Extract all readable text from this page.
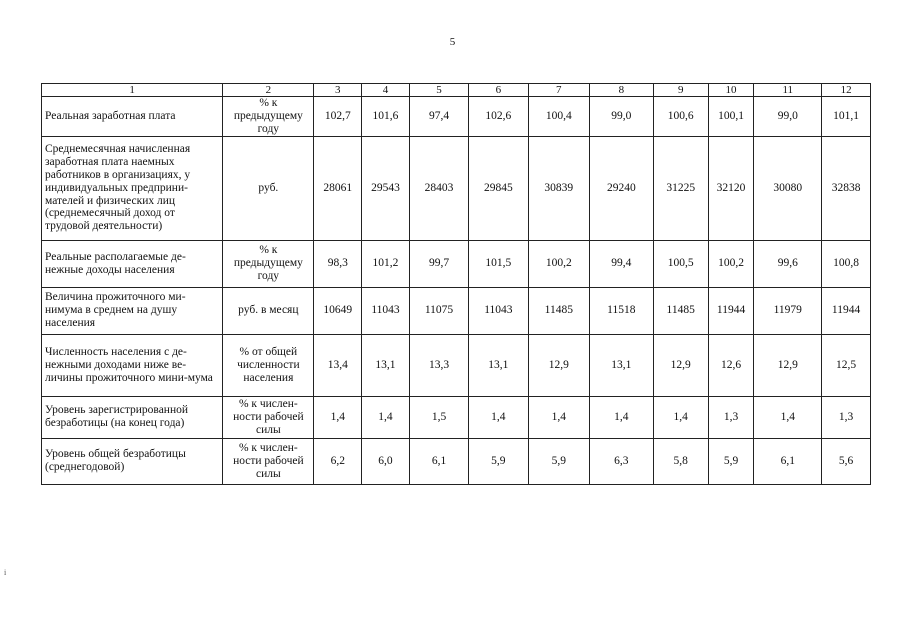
5
1	2	3	4	5	6	7	8	9	10	11	12
Реальная заработная плата	% к предыдущему году	102,7	101,6	97,4	102,6	100,4	99,0	100,6	100,1	99,0	101,1
Среднемесячная начисленная заработная плата наемных работников в организациях, у индивидуальных предприни-мателей и физических лиц (среднемесячный доход от трудовой деятельности)	руб.	28061	29543	28403	29845	30839	29240	31225	32120	30080	32838
Реальные располагаемые де-нежные доходы населения	% к предыдущему году	98,3	101,2	99,7	101,5	100,2	99,4	100,5	100,2	99,6	100,8
Величина прожиточного ми-нимума в среднем на душу населения	руб. в месяц	10649	11043	11075	11043	11485	11518	11485	11944	11979	11944
Численность населения с де-нежными доходами ниже ве-личины прожиточного мини-мума	% от общей численности населения	13,4	13,1	13,3	13,1	12,9	13,1	12,9	12,6	12,9	12,5
Уровень зарегистрированной безработицы (на конец года)	% к числен-ности рабочей силы	1,4	1,4	1,5	1,4	1,4	1,4	1,4	1,3	1,4	1,3
Уровень общей безработицы (среднегодовой)	% к числен-ности рабочей силы	6,2	6,0	6,1	5,9	5,9	6,3	5,8	5,9	6,1	5,6
i
